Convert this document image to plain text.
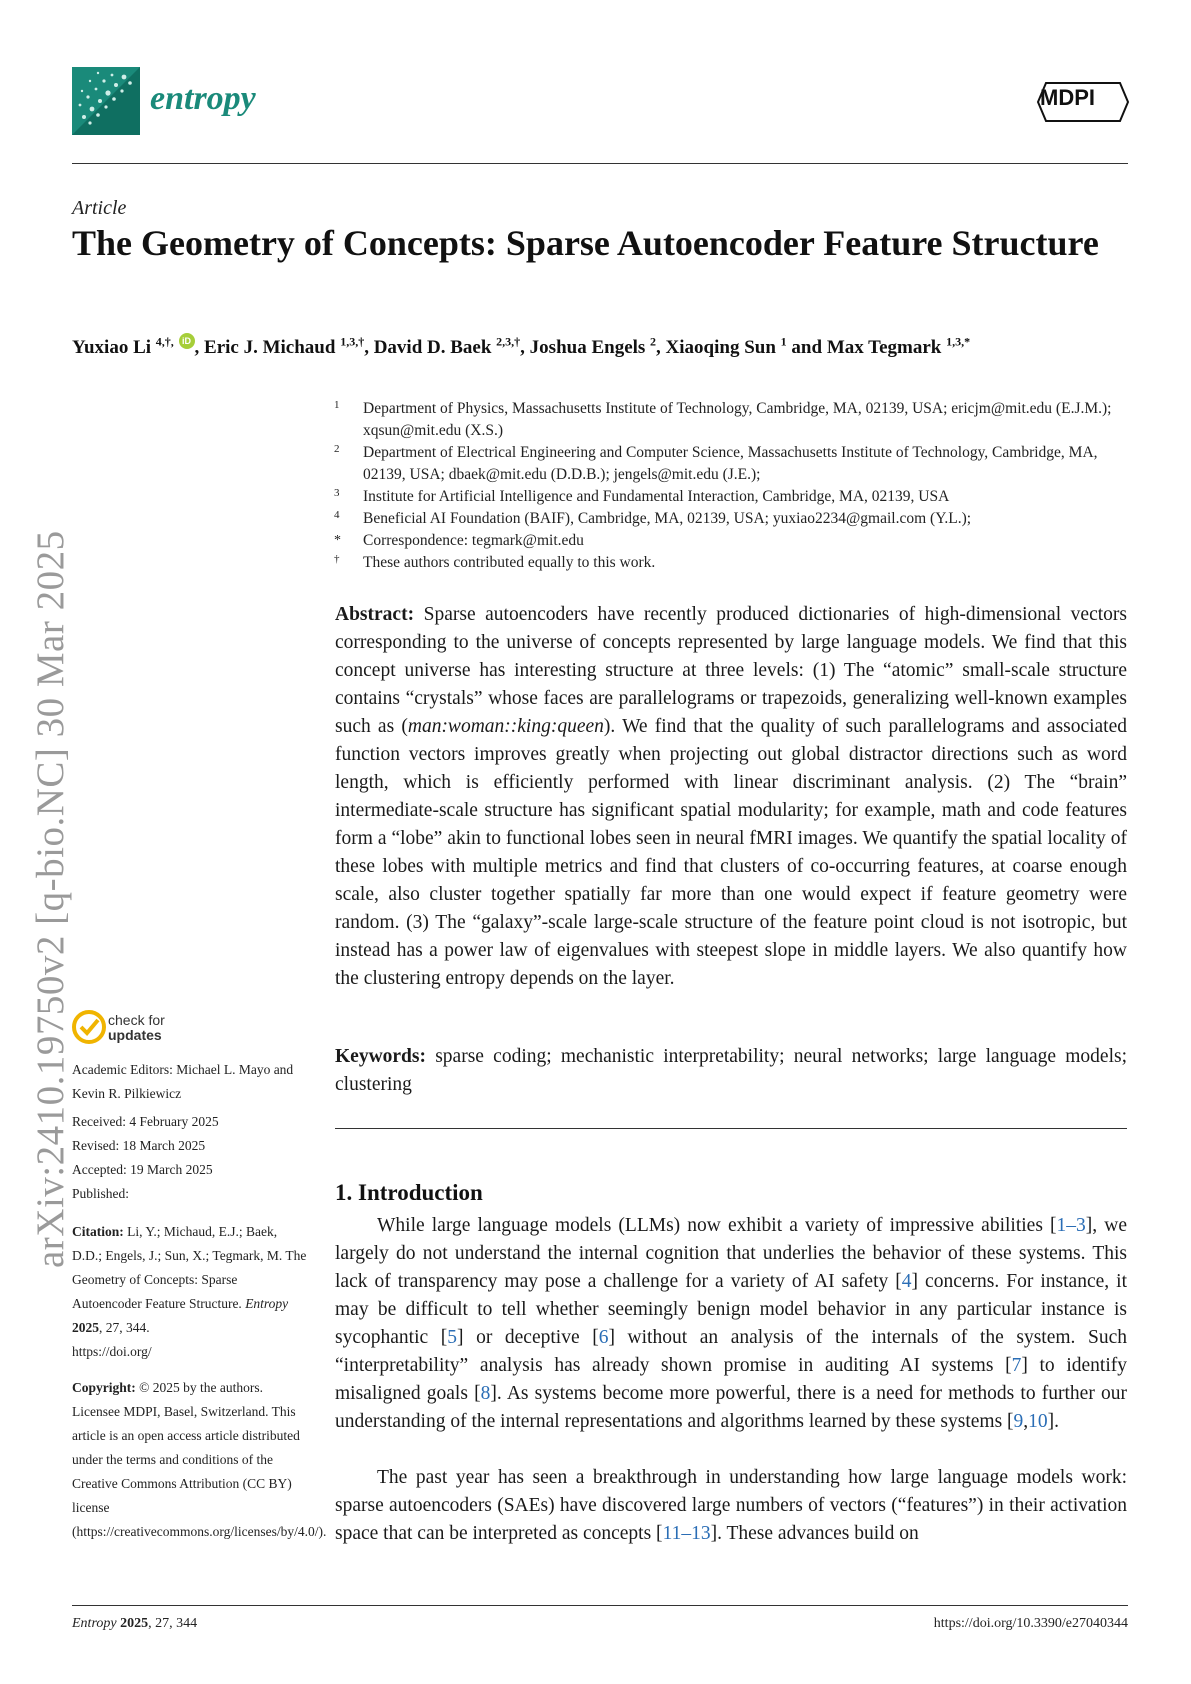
entropy	MDPI
Article
The Geometry of Concepts: Sparse Autoencoder Feature Structure
Yuxiao Li $^{4,\dagger,}$ iD , Eric J. Michaud $^{1,3,\dagger}$, David D. Baek $^{2,3,\dagger}$, Joshua Engels $^2$, Xiaoqing Sun $^1$ and Max Tegmark $^{1,3,*}$
1	Department of Physics, Massachusetts Institute of Technology, Cambridge, MA, 02139, USA; ericjm@mit.edu (E.J.M.); xqsun@mit.edu (X.S.)
2	Department of Electrical Engineering and Computer Science, Massachusetts Institute of Technology, Cambridge, MA, 02139, USA; dbaek@mit.edu (D.D.B.); jengels@mit.edu (J.E.);
3	Institute for Artificial Intelligence and Fundamental Interaction, Cambridge, MA, 02139, USA
4	Beneficial AI Foundation (BAIF), Cambridge, MA, 02139, USA; yuxiao2234@gmail.com (Y.L.);
*	Correspondence: tegmark@mit.edu
†	These authors contributed equally to this work.
Abstract: Sparse autoencoders have recently produced dictionaries of high-dimensional vectors corresponding to the universe of concepts represented by large language models. We find that this concept universe has interesting structure at three levels: (1) The “atomic” small-scale structure contains “crystals” whose faces are parallelograms or trapezoids, generalizing well-known examples such as (man:woman::king:queen). We find that the quality of such parallelograms and associated function vectors improves greatly when projecting out global distractor directions such as word length, which is efficiently performed with linear discriminant analysis. (2) The “brain” intermediate-scale structure has significant spatial modularity; for example, math and code features form a “lobe” akin to functional lobes seen in neural fMRI images. We quantify the spatial locality of these lobes with multiple metrics and find that clusters of co-occurring features, at coarse enough scale, also cluster together spatially far more than one would expect if feature geometry were random. (3) The “galaxy”-scale large-scale structure of the feature point cloud is not isotropic, but instead has a power law of eigenvalues with steepest slope in middle layers. We also quantify how the clustering entropy depends on the layer.
Keywords: sparse coding; mechanistic interpretability; neural networks; large language models; clustering
1. Introduction
While large language models (LLMs) now exhibit a variety of impressive abilities [1–3], we largely do not understand the internal cognition that underlies the behavior of these systems. This lack of transparency may pose a challenge for a variety of AI safety [4] concerns. For instance, it may be difficult to tell whether seemingly benign model behavior in any particular instance is sycophantic [5] or deceptive [6] without an analysis of the internals of the system. Such “interpretability” analysis has already shown promise in auditing AI systems [7] to identify misaligned goals [8]. As systems become more powerful, there is a need for methods to further our understanding of the internal representations and algorithms learned by these systems [9,10].
The past year has seen a breakthrough in understanding how large language models work: sparse autoencoders (SAEs) have discovered large numbers of vectors (“features”) in their activation space that can be interpreted as concepts [11–13]. These advances build on
arXiv:2410.19750v2 [q-bio.NC] 30 Mar 2025	check for
updates
Academic Editors: Michael L. Mayo and Kevin R. Pilkiewicz
Received: 4 February 2025
Revised: 18 March 2025
Accepted: 19 March 2025
Published:
Citation: Li, Y.; Michaud, E.J.; Baek, D.D.; Engels, J.; Sun, X.; Tegmark, M. The Geometry of Concepts: Sparse Autoencoder Feature Structure. Entropy 2025, 27, 344.
https://doi.org/
Copyright: © 2025 by the authors. Licensee MDPI, Basel, Switzerland. This article is an open access article distributed under the terms and conditions of the Creative Commons Attribution (CC BY) license (https://creativecommons.org/licenses/by/4.0/).
Entropy 2025, 27, 344	https://doi.org/10.3390/e27040344
